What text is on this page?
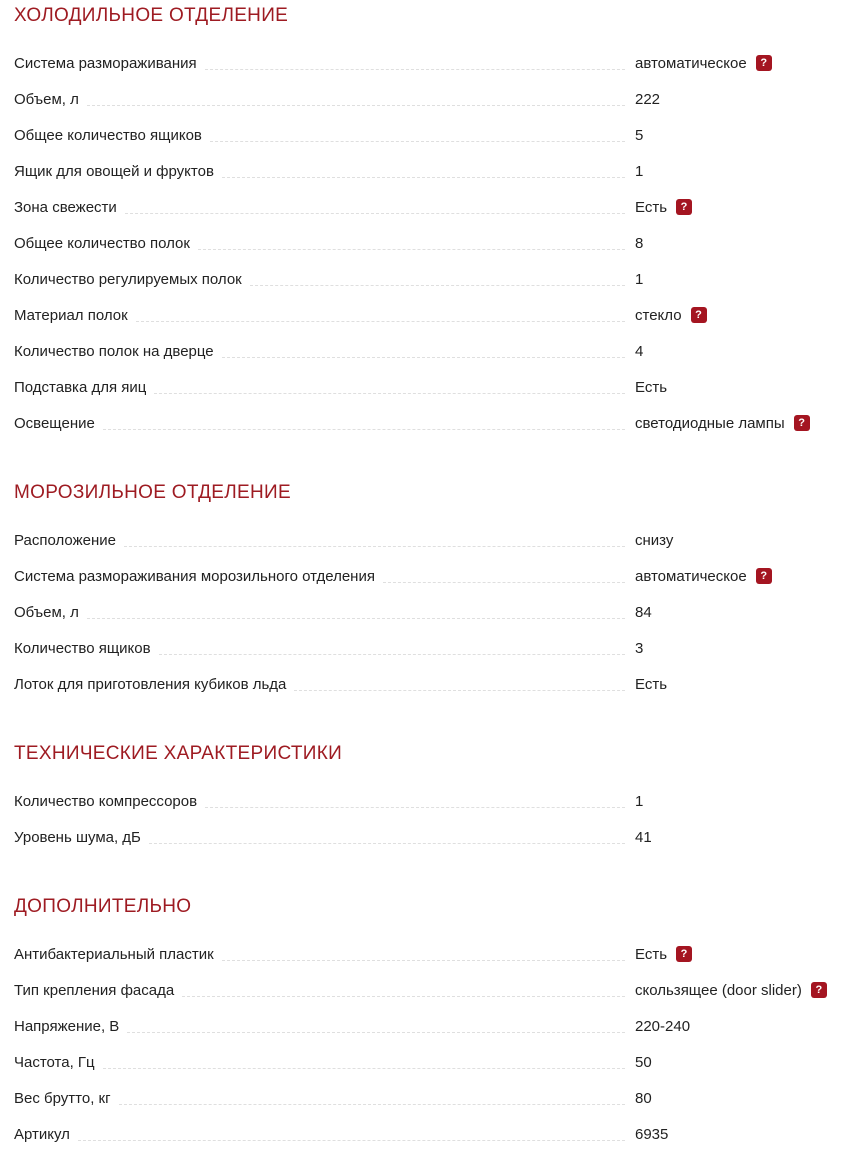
ХОЛОДИЛЬНОЕ ОТДЕЛЕНИЕ
Система размораживания	автоматическое	?
Объем, л	222
Общее количество ящиков	5
Ящик для овощей и фруктов	1
Зона свежести	Есть	?
Общее количество полок	8
Количество регулируемых полок	1
Материал полок	стекло	?
Количество полок на дверце	4
Подставка для яиц	Есть
Освещение	светодиодные лампы	?
МОРОЗИЛЬНОЕ ОТДЕЛЕНИЕ
Расположение	снизу
Система размораживания морозильного отделения	автоматическое	?
Объем, л	84
Количество ящиков	3
Лоток для приготовления кубиков льда	Есть
ТЕХНИЧЕСКИЕ ХАРАКТЕРИСТИКИ
Количество компрессоров	1
Уровень шума, дБ	41
ДОПОЛНИТЕЛЬНО
Антибактериальный пластик	Есть	?
Тип крепления фасада	скользящее (door slider)	?
Напряжение, В	220-240
Частота, Гц	50
Вес брутто, кг	80
Артикул	6935
